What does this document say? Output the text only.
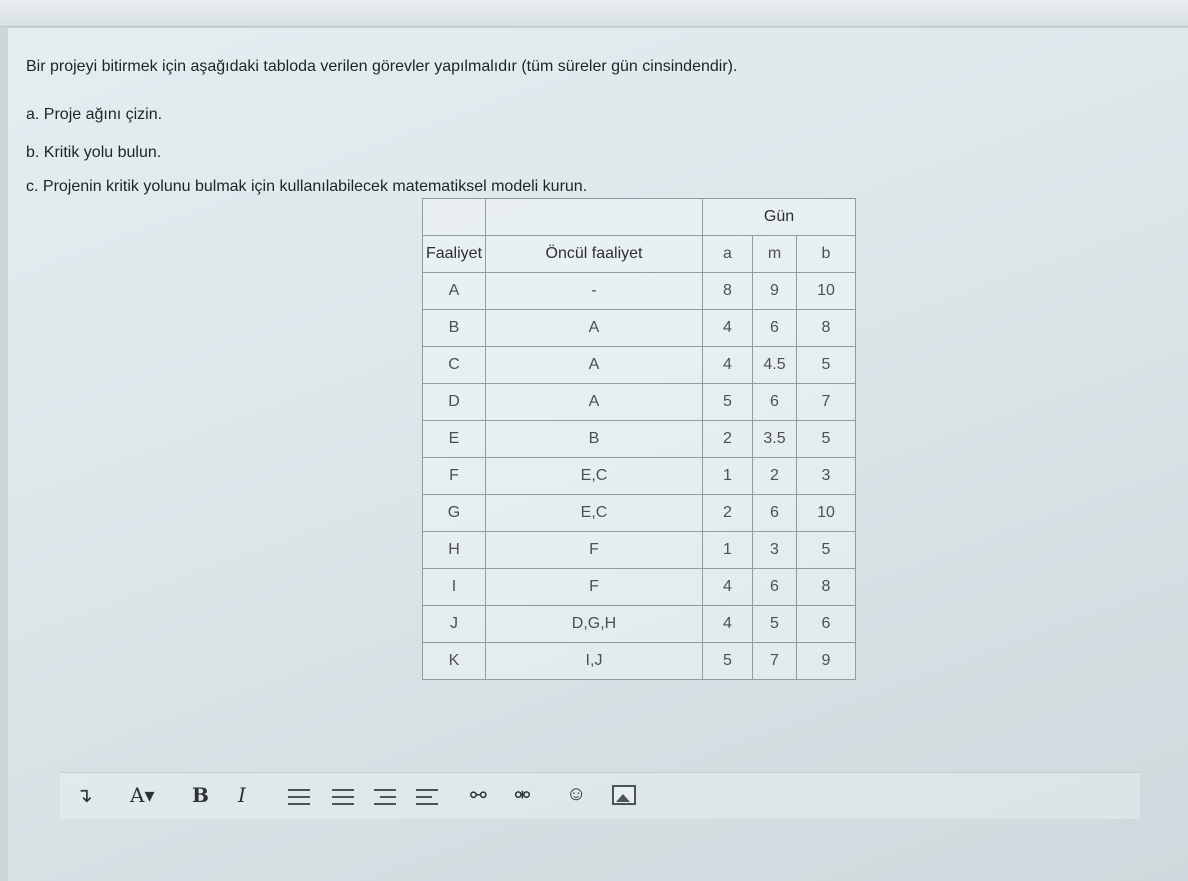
Bir projeyi bitirmek için aşağıdaki tabloda verilen görevler yapılmalıdır (tüm süreler gün cinsindendir).
a. Proje ağını çizin.
b. Kritik yolu bulun.
c. Projenin kritik yolunu bulmak için kullanılabilecek matematiksel modeli kurun.
		Gün		
Faaliyet	Öncül faaliyet	a	m	b
A	-	8	9	10
B	A	4	6	8
C	A	4	4.5	5
D	A	5	6	7
E	B	2	3.5	5
F	E,C	1	2	3
G	E,C	2	6	10
H	F	1	3	5
I	F	4	6	8
J	D,G,H	4	5	6
K	I,J	5	7	9
↴ A▾ B I	⚯ ⚮ ☺
